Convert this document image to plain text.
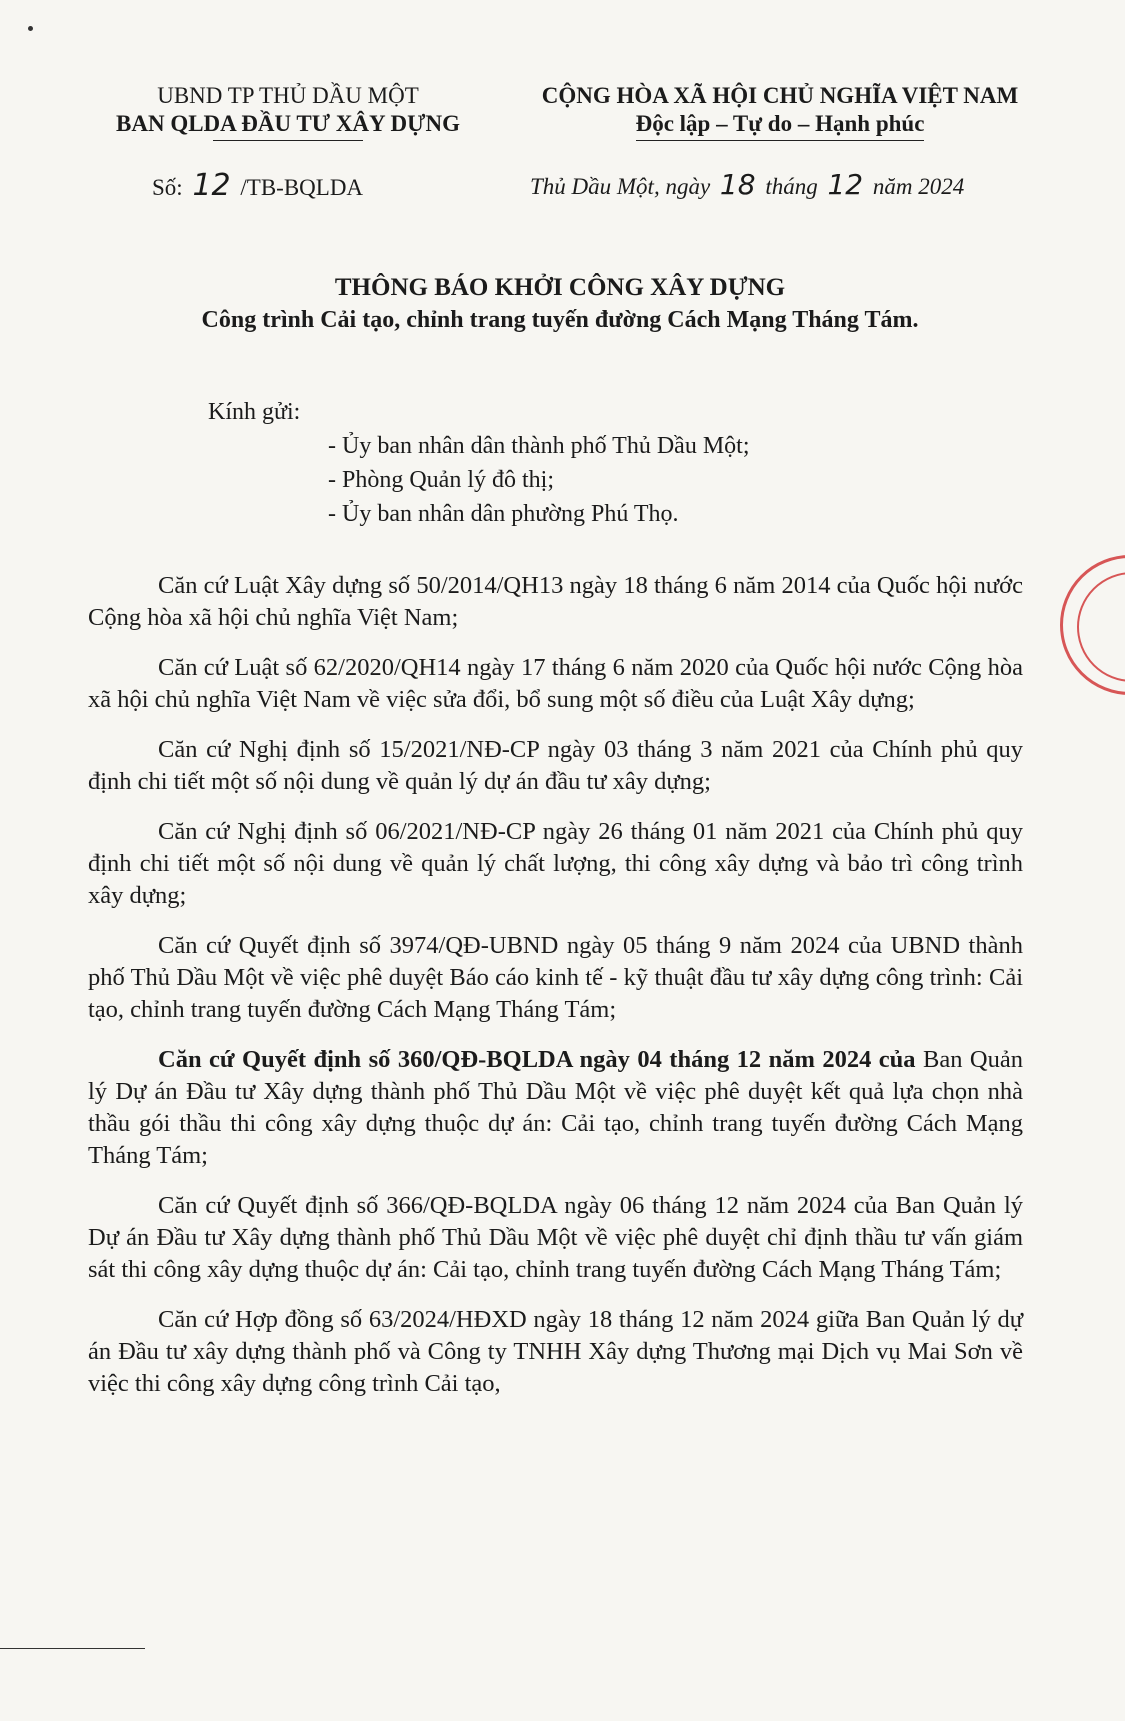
UBND TP THỦ DẦU MỘT
BAN QLDA ĐẦU TƯ XÂY DỰNG
CỘNG HÒA XÃ HỘI CHỦ NGHĨA VIỆT NAM
Độc lập – Tự do – Hạnh phúc
Số: 12 /TB-BQLDA	Thủ Dầu Một, ngày 18 tháng 12 năm 2024
THÔNG BÁO KHỞI CÔNG XÂY DỰNG
Công trình Cải tạo, chỉnh trang tuyến đường Cách Mạng Tháng Tám.
Kính gửi:
- Ủy ban nhân dân thành phố Thủ Dầu Một;
- Phòng Quản lý đô thị;
- Ủy ban nhân dân phường Phú Thọ.

Căn cứ Luật Xây dựng số 50/2014/QH13 ngày 18 tháng 6 năm 2014 của Quốc hội nước Cộng hòa xã hội chủ nghĩa Việt Nam;

Căn cứ Luật số 62/2020/QH14 ngày 17 tháng 6 năm 2020 của Quốc hội nước Cộng hòa xã hội chủ nghĩa Việt Nam về việc sửa đổi, bổ sung một số điều của Luật Xây dựng;

Căn cứ Nghị định số 15/2021/NĐ-CP ngày 03 tháng 3 năm 2021 của Chính phủ quy định chi tiết một số nội dung về quản lý dự án đầu tư xây dựng;

Căn cứ Nghị định số 06/2021/NĐ-CP ngày 26 tháng 01 năm 2021 của Chính phủ quy định chi tiết một số nội dung về quản lý chất lượng, thi công xây dựng và bảo trì công trình xây dựng;

Căn cứ Quyết định số 3974/QĐ-UBND ngày 05 tháng 9 năm 2024 của UBND thành phố Thủ Dầu Một về việc phê duyệt Báo cáo kinh tế - kỹ thuật đầu tư xây dựng công trình: Cải tạo, chỉnh trang tuyến đường Cách Mạng Tháng Tám;

Căn cứ Quyết định số 360/QĐ-BQLDA ngày 04 tháng 12 năm 2024 của Ban Quản lý Dự án Đầu tư Xây dựng thành phố Thủ Dầu Một về việc phê duyệt kết quả lựa chọn nhà thầu gói thầu thi công xây dựng thuộc dự án: Cải tạo, chỉnh trang tuyến đường Cách Mạng Tháng Tám;

Căn cứ Quyết định số 366/QĐ-BQLDA ngày 06 tháng 12 năm 2024 của Ban Quản lý Dự án Đầu tư Xây dựng thành phố Thủ Dầu Một về việc phê duyệt chỉ định thầu tư vấn giám sát thi công xây dựng thuộc dự án: Cải tạo, chỉnh trang tuyến đường Cách Mạng Tháng Tám;

Căn cứ Hợp đồng số 63/2024/HĐXD ngày 18 tháng 12 năm 2024 giữa Ban Quản lý dự án Đầu tư xây dựng thành phố và Công ty TNHH Xây dựng Thương mại Dịch vụ Mai Sơn về việc thi công xây dựng công trình Cải tạo,
